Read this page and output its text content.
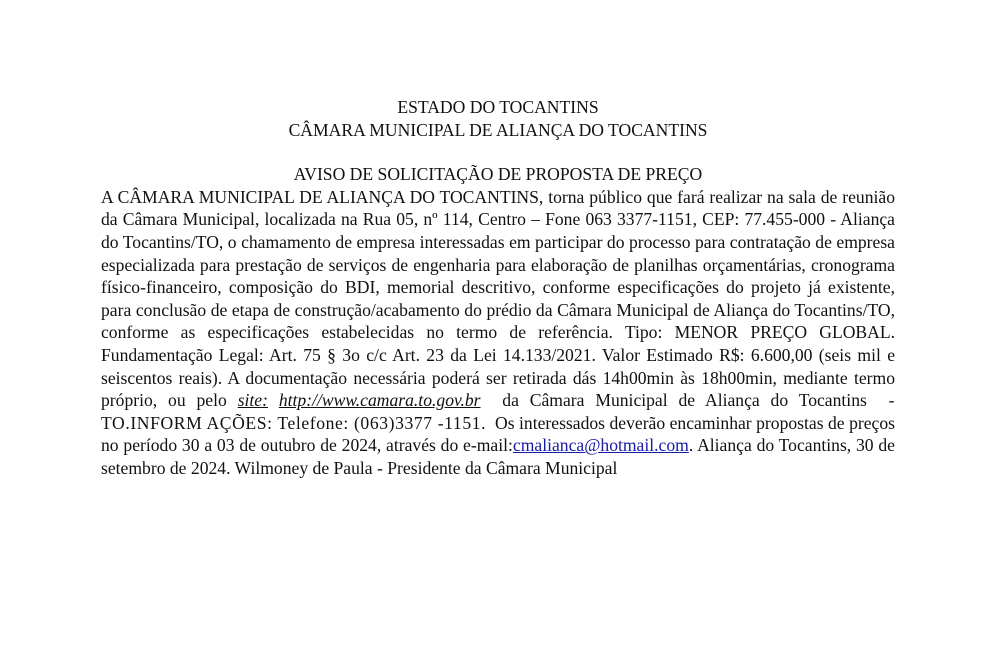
ESTADO DO TOCANTINS
CÂMARA MUNICIPAL DE ALIANÇA DO TOCANTINS
AVISO DE SOLICITAÇÃO DE PROPOSTA DE PREÇO

A CÂMARA MUNICIPAL DE ALIANÇA DO TOCANTINS, torna público que fará realizar na sala de reunião da Câmara Municipal, localizada na Rua 05, nº 114, Centro – Fone 063 3377-1151, CEP: 77.455-000 - Aliança do Tocantins/TO, o chamamento de empresa interessadas em participar do processo para contratação de empresa especializada para prestação de serviços de engenharia para elaboração de planilhas orçamentárias, cronograma físico-financeiro, composição do BDI, memorial descritivo, conforme especificações do projeto já existente, para conclusão de etapa de construção/acabamento do prédio da Câmara Municipal de Aliança do Tocantins/TO, conforme as especificações estabelecidas no termo de referência. Tipo: MENOR PREÇO GLOBAL. Fundamentação Legal: Art. 75 § 3o c/c Art. 23 da Lei 14.133/2021. Valor Estimado R$: 6.600,00 (seis mil e seiscentos reais). A documentação necessária poderá ser retirada dás 14h00min às 18h00min, mediante termo próprio, ou pelo site: http://www.camara.to.gov.br da Câmara Municipal de Aliança do Tocantins - TO.INFORM AÇÕES: Telefone: (063)3377 -1151. Os interessados deverão encaminhar propostas de preços no período 30 a 03 de outubro de 2024, através do e-mail:cmalianca@hotmail.com. Aliança do Tocantins, 30 de setembro de 2024. Wilmoney de Paula - Presidente da Câmara Municipal
